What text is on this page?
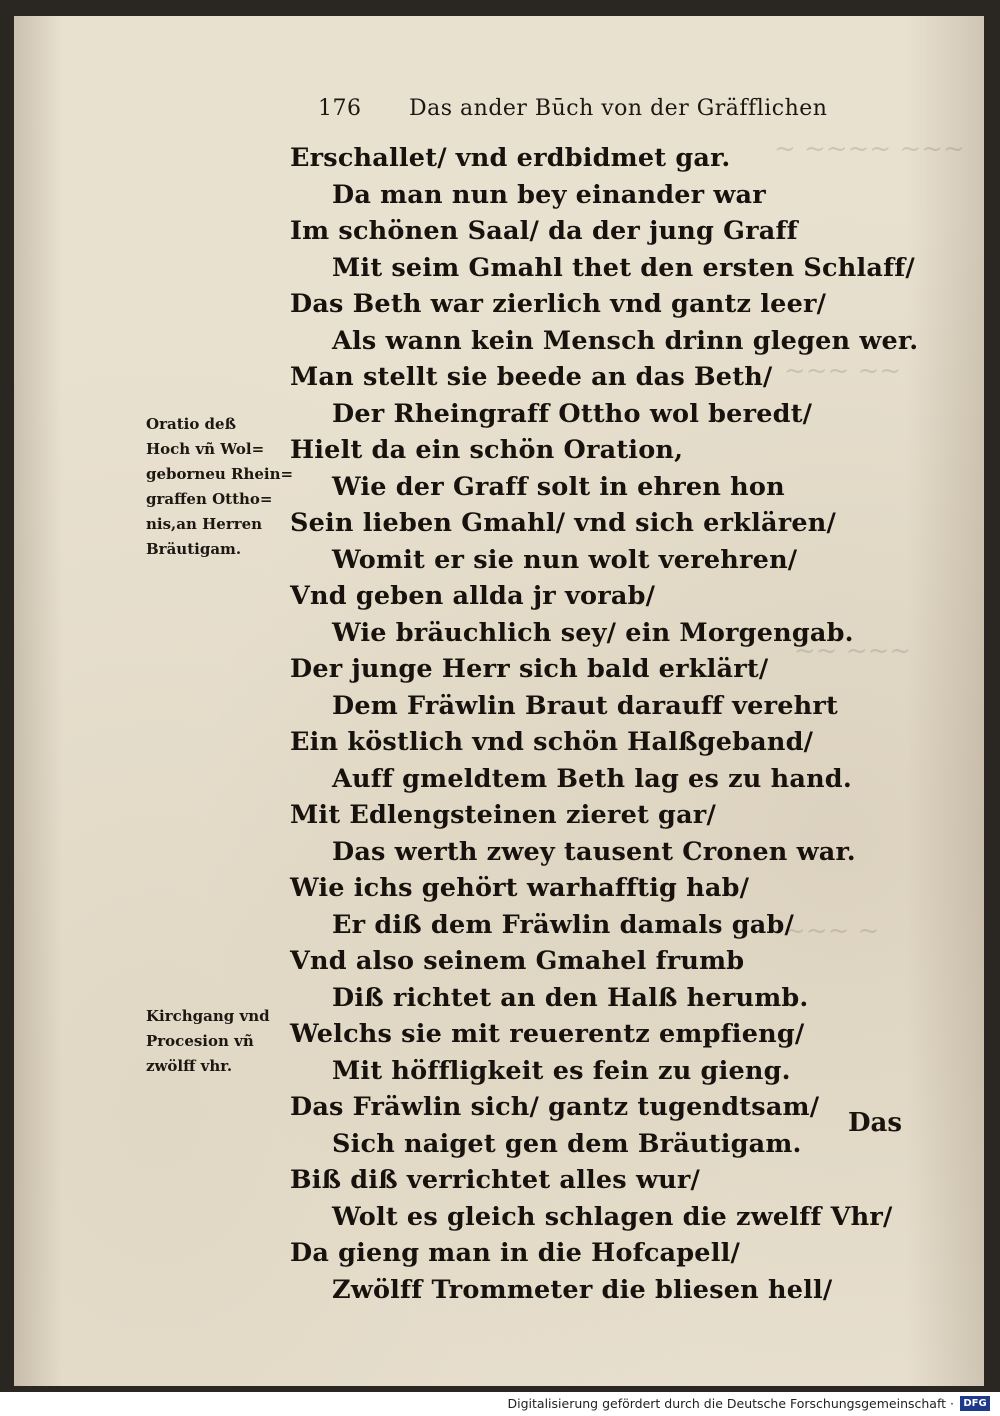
~ ~~~~ ~~~
~~~ ~~
~~ ~~~
~~~ ~
176 Das ander Būch von der Gräfflichen
Erschallet/ vnd erdbidmet gar.
Da man nun bey einander war
Im schönen Saal/ da der jung Graff
Mit seim Gmahl thet den ersten Schlaff/
Das Beth war zierlich vnd gantz leer/
Als wann kein Mensch drinn glegen wer.
Man stellt sie beede an das Beth/
Der Rheingraff Ottho wol beredt/
Hielt da ein schön Oration,
Wie der Graff solt in ehren hon
Sein lieben Gmahl/ vnd sich erklären/
Womit er sie nun wolt verehren/
Vnd geben allda jr vorab/
Wie bräuchlich sey/ ein Morgengab.
Der junge Herr sich bald erklärt/
Dem Fräwlin Braut darauff verehrt
Ein köstlich vnd schön Halßgeband/
Auff gmeldtem Beth lag es zu hand.
Mit Edlengsteinen zieret gar/
Das werth zwey tausent Cronen war.
Wie ichs gehört warhafftig hab/
Er diß dem Fräwlin damals gab/
Vnd also seinem Gmahel frumb
Diß richtet an den Halß herumb.
Welchs sie mit reuerentz empfieng/
Mit höffligkeit es fein zu gieng.
Das Fräwlin sich/ gantz tugendtsam/
Sich naiget gen dem Bräutigam.
Biß diß verrichtet alles wur/
Wolt es gleich schlagen die zwelff Vhr/
Da gieng man in die Hofcapell/
Zwölff Trommeter die bliesen hell/
Oratio deß
Hoch vñ Wol=
geborneu Rhein=
graffen Ottho=
nis,an Herren
Bräutigam.
Kirchgang vnd
Procesion vñ
zwölff vhr.
Das
Digitalisierung gefördert durch die Deutsche Forschungsgemeinschaft · DFG
